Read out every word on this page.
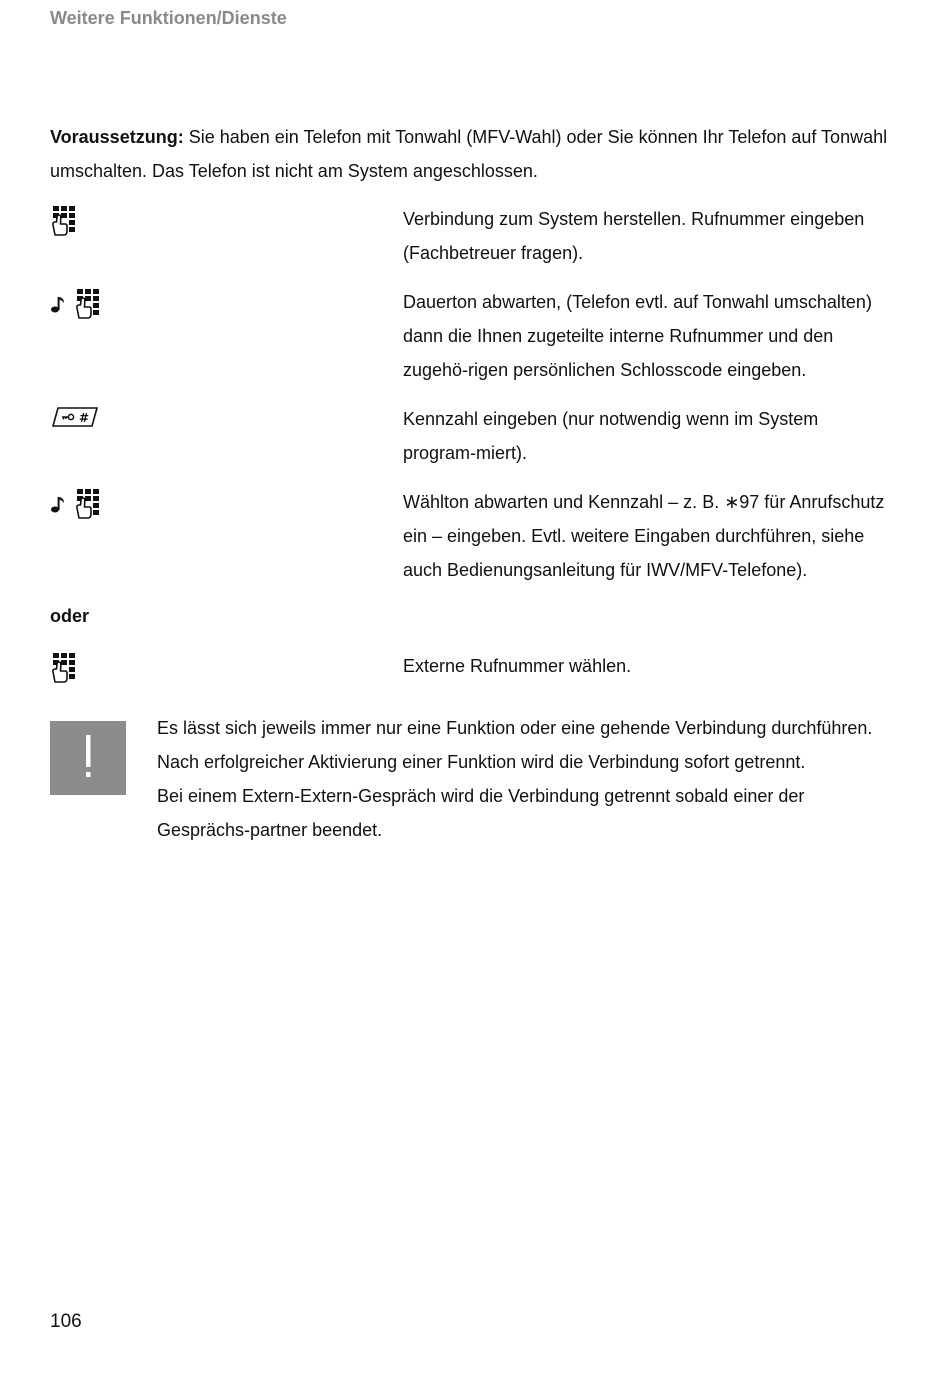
Weitere Funktionen/Dienste
Voraussetzung: Sie haben ein Telefon mit Tonwahl (MFV-Wahl) oder Sie können Ihr Telefon auf Tonwahl umschalten. Das Telefon ist nicht am System angeschlossen.
Verbindung zum System herstellen. Rufnummer eingeben (Fachbetreuer fragen).
Dauerton abwarten, (Telefon evtl. auf Tonwahl umschalten) dann die Ihnen zugeteilte interne Rufnummer und den zugehö-rigen persönlichen Schlosscode eingeben.
Kennzahl eingeben (nur notwendig wenn im System program-miert).
Wählton abwarten und Kennzahl – z. B. ∗97 für Anrufschutz ein – eingeben. Evtl. weitere Eingaben durchführen, siehe auch Bedienungsanleitung für IWV/MFV-Telefone).
oder
Externe Rufnummer wählen.

Es lässt sich jeweils immer nur eine Funktion oder eine gehende Verbindung durchführen.

Nach erfolgreicher Aktivierung einer Funktion wird die Verbindung sofort getrennt.

Bei einem Extern-Extern-Gespräch wird die Verbindung getrennt sobald einer der Gesprächs-partner beendet.

106
